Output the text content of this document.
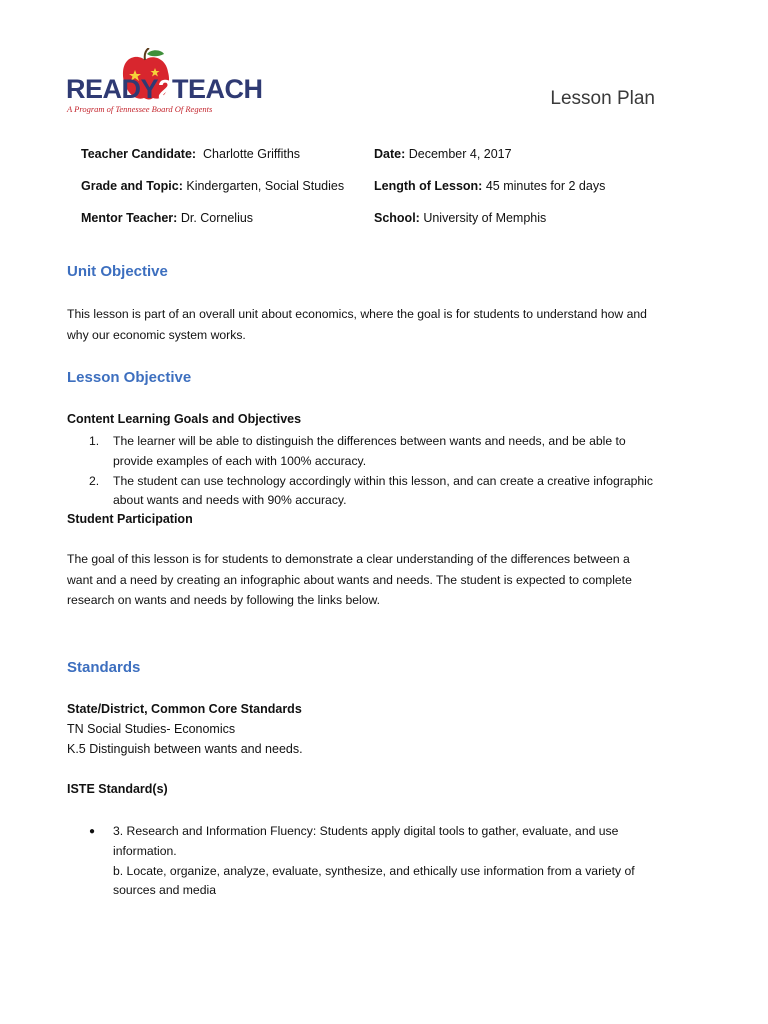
READY2TEACH
A Program of Tennessee Board Of Regents	Lesson Plan
Teacher Candidate: Charlotte Griffiths	Date: December 4, 2017
Grade and Topic: Kindergarten, Social Studies Length of Lesson: 45 minutes for 2 days
Mentor Teacher: Dr. Cornelius	School: University of Memphis
Unit Objective
This lesson is part of an overall unit about economics, where the goal is for students to understand how and why our economic system works.
Lesson Objective
Content Learning Goals and Objectives
1. The learner will be able to distinguish the differences between wants and needs, and be able to provide examples of each with 100% accuracy.
2. The student can use technology accordingly within this lesson, and can create a creative infographic about wants and needs with 90% accuracy.
Student Participation
The goal of this lesson is for students to demonstrate a clear understanding of the differences between a want and a need by creating an infographic about wants and needs. The student is expected to complete research on wants and needs by following the links below.
Standards
State/District, Common Core Standards
TN Social Studies- Economics
K.5 Distinguish between wants and needs.
ISTE Standard(s)
● 3. Research and Information Fluency: Students apply digital tools to gather, evaluate, and use information.
b. Locate, organize, analyze, evaluate, synthesize, and ethically use information from a variety of sources and media
